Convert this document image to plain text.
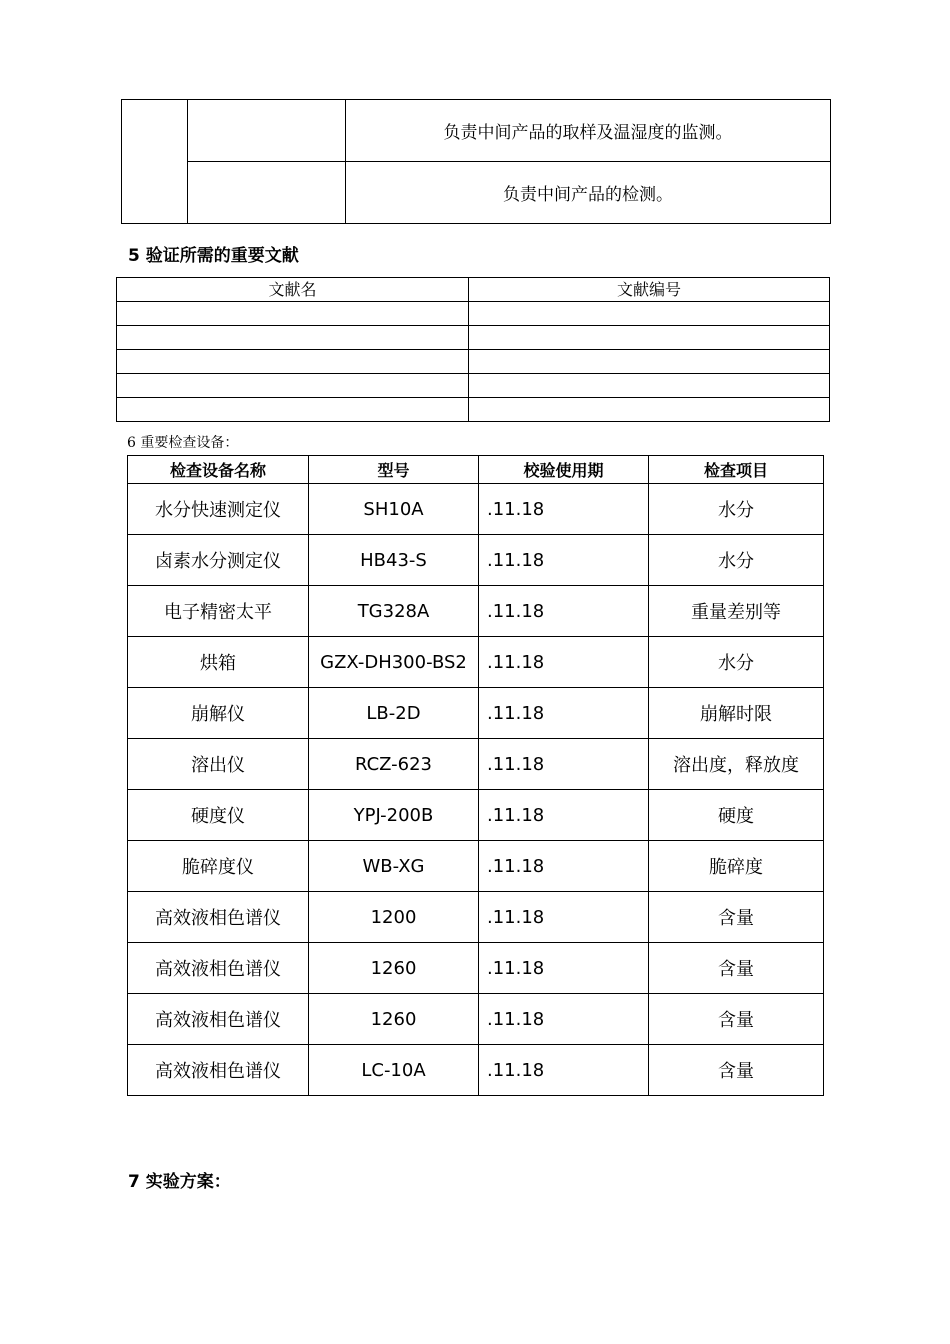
		负责中间产品的取样及温湿度的监测。
		负责中间产品的检测。
5 验证所需的重要文献
文献名	文献编号

6 重要检查设备：
检查设备名称	型号	校验使用期	检查项目
水分快速测定仪	SH10A	.11.18	水分
卤素水分测定仪	HB43-S	.11.18	水分
电子精密太平	TG328A	.11.18	重量差别等
烘箱	GZX-DH300-BS2	.11.18	水分
崩解仪	LB-2D	.11.18	崩解时限
溶出仪	RCZ-623	.11.18	溶出度，释放度
硬度仪	YPJ-200B	.11.18	硬度
脆碎度仪	WB-XG	.11.18	脆碎度
高效液相色谱仪	1200	.11.18	含量
高效液相色谱仪	1260	.11.18	含量
高效液相色谱仪	1260	.11.18	含量
高效液相色谱仪	LC-10A	.11.18	含量
7 实验方案：
